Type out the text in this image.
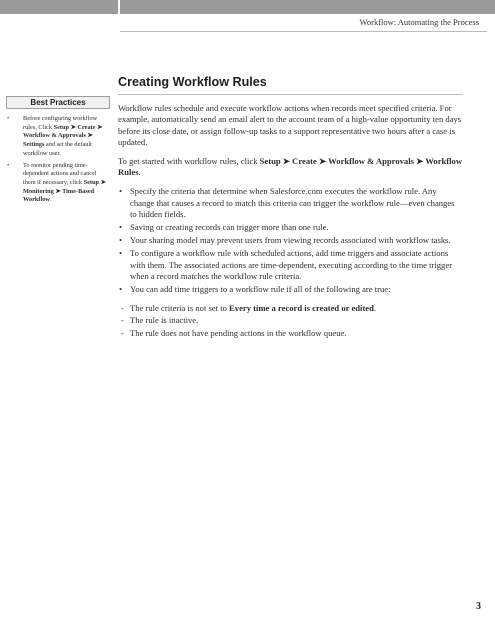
Workflow: Automating the Process
Best Practices
• Before configuring workflow rules, Click Setup ➤ Create ➤ Workflow & Approvals ➤ Settings and set the default workflow user.
• To monitor pending time-dependent actions and cancel them if necessary, click Setup ➤ Monitoring ➤ Time-Based Workflow.
Creating Workflow Rules

Workflow rules schedule and execute workflow actions when records meet specified criteria. For example, automatically send an email alert to the account team of a high-value opportunity ten days before its close date, or assign follow-up tasks to a support representative two hours after a case is updated.

To get started with workflow rules, click Setup ➤ Create ➤ Workflow & Approvals ➤ Workflow Rules.

• Specify the criteria that determine when Salesforce.com executes the workflow rule. Any change that causes a record to match this criteria can trigger the workflow rule—even changes to hidden fields.
• Saving or creating records can trigger more than one rule.
• Your sharing model may prevent users from viewing records associated with workflow tasks.
• To configure a workflow rule with scheduled actions, add time triggers and associate actions with them. The associated actions are time-dependent, executing according to the time trigger when a record matches the workflow rule criteria.
• You can add time triggers to a workflow rule if all of the following are true:
- The rule criteria is not set to Every time a record is created or edited.
- The rule is inactive.
- The rule does not have pending actions in the workflow queue.
3
